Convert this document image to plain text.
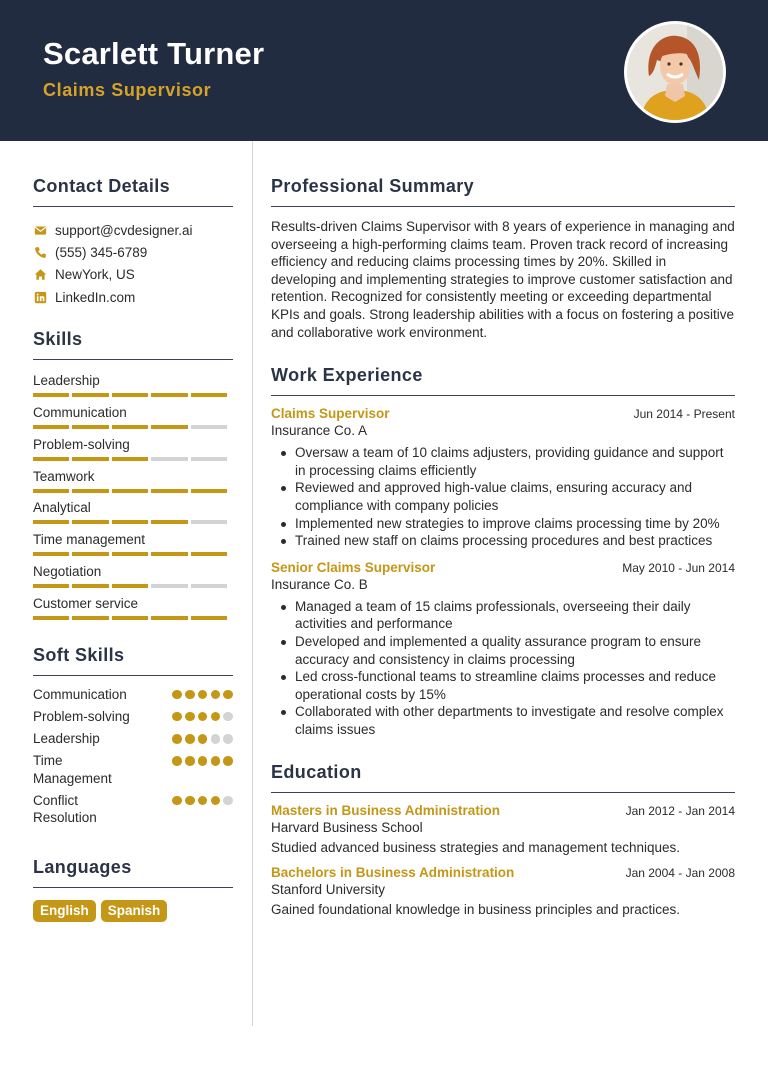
Scarlett Turner
Claims Supervisor
Contact Details
support@cvdesigner.ai
(555) 345-6789
NewYork, US
LinkedIn.com
Skills
Leadership
Communication
Problem-solving
Teamwork
Analytical
Time management
Negotiation
Customer service
Soft Skills
Communication
Problem-solving
Leadership
Time Management
Conflict Resolution
Languages
English	Spanish
Professional Summary

Results-driven Claims Supervisor with 8 years of experience in managing and overseeing a high-performing claims team. Proven track record of increasing efficiency and reducing claims processing times by 20%. Skilled in developing and implementing strategies to improve customer satisfaction and retention. Recognized for consistently meeting or exceeding departmental KPIs and goals. Strong leadership abilities with a focus on fostering a positive and collaborative work environment.

Work Experience
Claims Supervisor	Jun 2014 - Present
Insurance Co. A
Oversaw a team of 10 claims adjusters, providing guidance and support in processing claims efficiently
Reviewed and approved high-value claims, ensuring accuracy and compliance with company policies
Implemented new strategies to improve claims processing time by 20%
Trained new staff on claims processing procedures and best practices
Senior Claims Supervisor	May 2010 - Jun 2014
Insurance Co. B
Managed a team of 15 claims professionals, overseeing their daily activities and performance
Developed and implemented a quality assurance program to ensure accuracy and consistency in claims processing
Led cross-functional teams to streamline claims processes and reduce operational costs by 15%
Collaborated with other departments to investigate and resolve complex claims issues
Education
Masters in Business Administration	Jan 2012 - Jan 2014
Harvard Business School
Studied advanced business strategies and management techniques.
Bachelors in Business Administration	Jan 2004 - Jan 2008
Stanford University
Gained foundational knowledge in business principles and practices.
